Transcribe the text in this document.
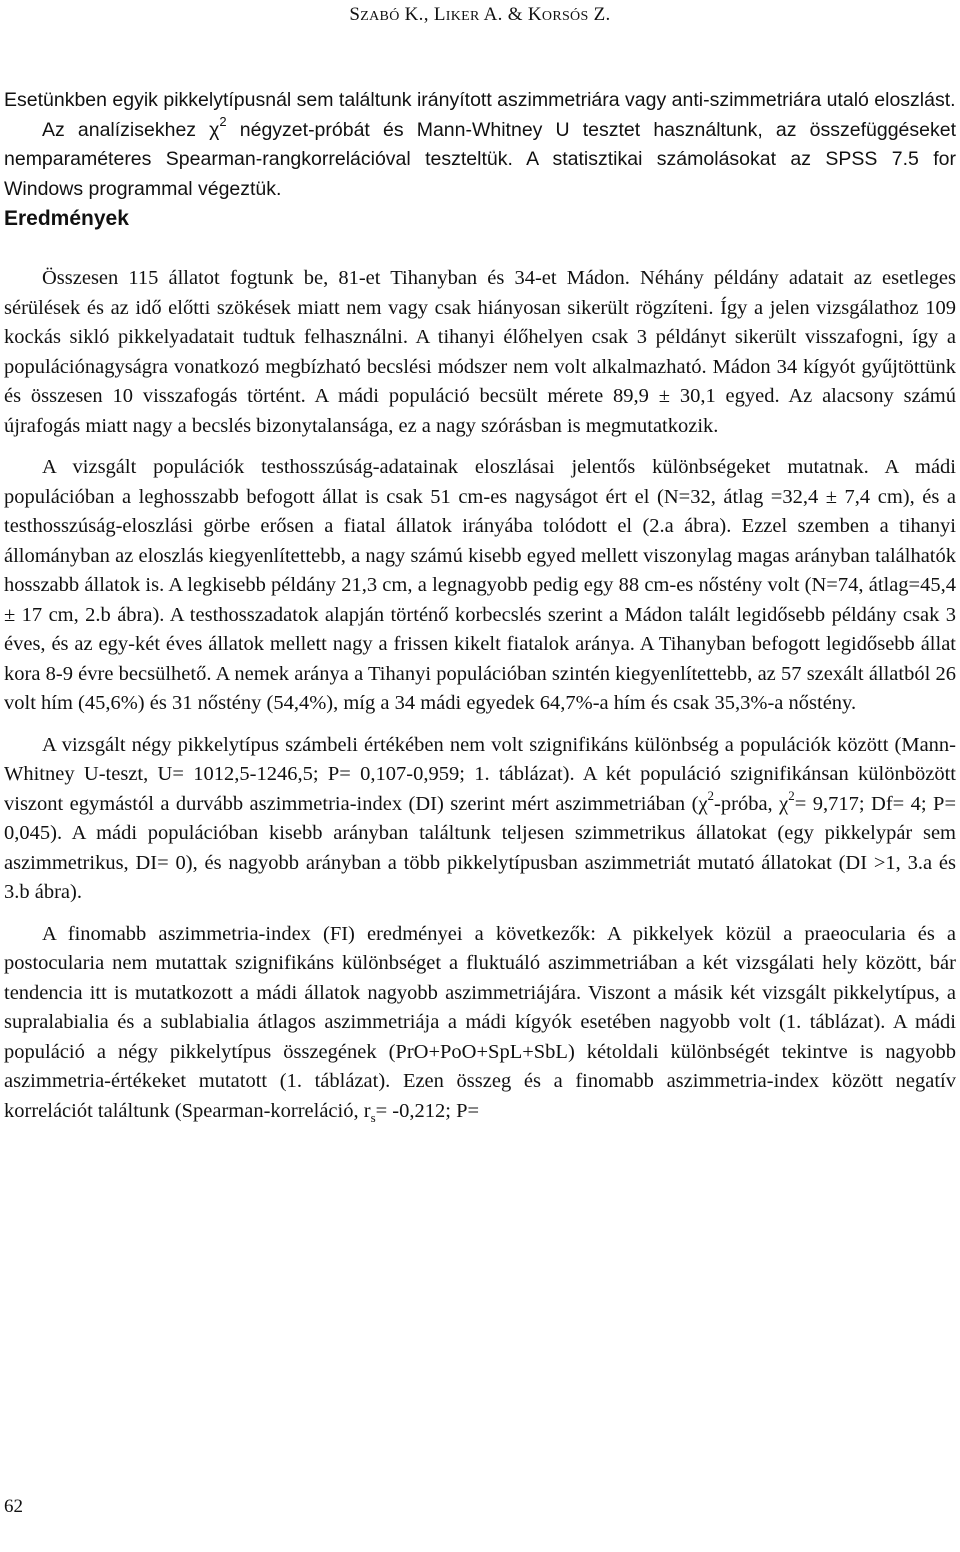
SZABÓ K., LIKER A. & KORSÓS Z.

Esetünkben egyik pikkelytípusnál sem találtunk irányított aszimmetriára vagy anti-szimmetriára utaló eloszlást.

Az analízisekhez $\chi^2$ négyzet-próbát és Mann-Whitney U tesztet használtunk, az összefüggéseket nemparaméteres Spearman-rangkorrelációval teszteltük. A statisztikai számolásokat az SPSS 7.5 for Windows programmal végeztük.

Eredmények

Összesen 115 állatot fogtunk be, 81-et Tihanyban és 34-et Mádon. Néhány példány adatait az esetleges sérülések és az idő előtti szökések miatt nem vagy csak hiányosan sikerült rögzíteni. Így a jelen vizsgálathoz 109 kockás sikló pikkelyadatait tudtuk felhasználni. A tihanyi élőhelyen csak 3 példányt sikerült visszafogni, így a populációnagyságra vonatkozó megbízható becslési módszer nem volt alkalmazható. Mádon 34 kígyót gyűjtöttünk és összesen 10 visszafogás történt. A mádi populáció becsült mérete 89,9 ± 30,1 egyed. Az alacsony számú újrafogás miatt nagy a becslés bizonytalansága, ez a nagy szórásban is megmutatkozik.

A vizsgált populációk testhosszúság-adatainak eloszlásai jelentős különbségeket mutatnak. A mádi populációban a leghosszabb befogott állat is csak 51 cm-es nagyságot ért el (N=32, átlag =32,4 ± 7,4 cm), és a testhosszúság-eloszlási görbe erősen a fiatal állatok irányába tolódott el (2.a ábra). Ezzel szemben a tihanyi állományban az eloszlás kiegyenlítettebb, a nagy számú kisebb egyed mellett viszonylag magas arányban találhatók hosszabb állatok is. A legkisebb példány 21,3 cm, a legnagyobb pedig egy 88 cm-es nőstény volt (N=74, átlag=45,4 ± 17 cm, 2.b ábra). A testhosszadatok alapján történő korbecslés szerint a Mádon talált legidősebb példány csak 3 éves, és az egy-két éves állatok mellett nagy a frissen kikelt fiatalok aránya. A Tihanyban befogott legidősebb állat kora 8-9 évre becsülhető. A nemek aránya a Tihanyi populációban szintén kiegyenlítettebb, az 57 szexált állatból 26 volt hím (45,6%) és 31 nőstény (54,4%), míg a 34 mádi egyedek 64,7%-a hím és csak 35,3%-a nőstény.

A vizsgált négy pikkelytípus számbeli értékében nem volt szignifikáns különbség a populációk között (Mann-Whitney U-teszt, U= 1012,5-1246,5; P= 0,107-0,959; 1. táblázat). A két populáció szignifikánsan különbözött viszont egymástól a durvább aszimmetria-index (DI) szerint mért aszimmetriában ($\chi^2$-próba, $\chi^2= 9,717$; Df= 4; P= 0,045). A mádi populációban kisebb arányban találtunk teljesen szimmetrikus állatokat (egy pikkelypár sem aszimmetrikus, DI= 0), és nagyobb arányban a több pikkelytípusban aszimmetriát mutató állatokat (DI >1, 3.a és 3.b ábra).

A finomabb aszimmetria-index (FI) eredményei a következők: A pikkelyek közül a praeocularia és a postocularia nem mutattak szignifikáns különbséget a fluktuáló aszimmetriában a két vizsgálati hely között, bár tendencia itt is mutatkozott a mádi állatok nagyobb aszimmetriájára. Viszont a másik két vizsgált pikkelytípus, a supralabialia és a sublabialia átlagos aszimmetriája a mádi kígyók esetében nagyobb volt (1. táblázat). A mádi populáció a négy pikkelytípus összegének (PrO+PoO+SpL+SbL) kétoldali különbségét tekintve is nagyobb aszimmetria-értékeket mutatott (1. táblázat). Ezen összeg és a finomabb aszimmetria-index között negatív korrelációt találtunk (Spearman-korreláció, $r_s= -0,212$; P=

62
